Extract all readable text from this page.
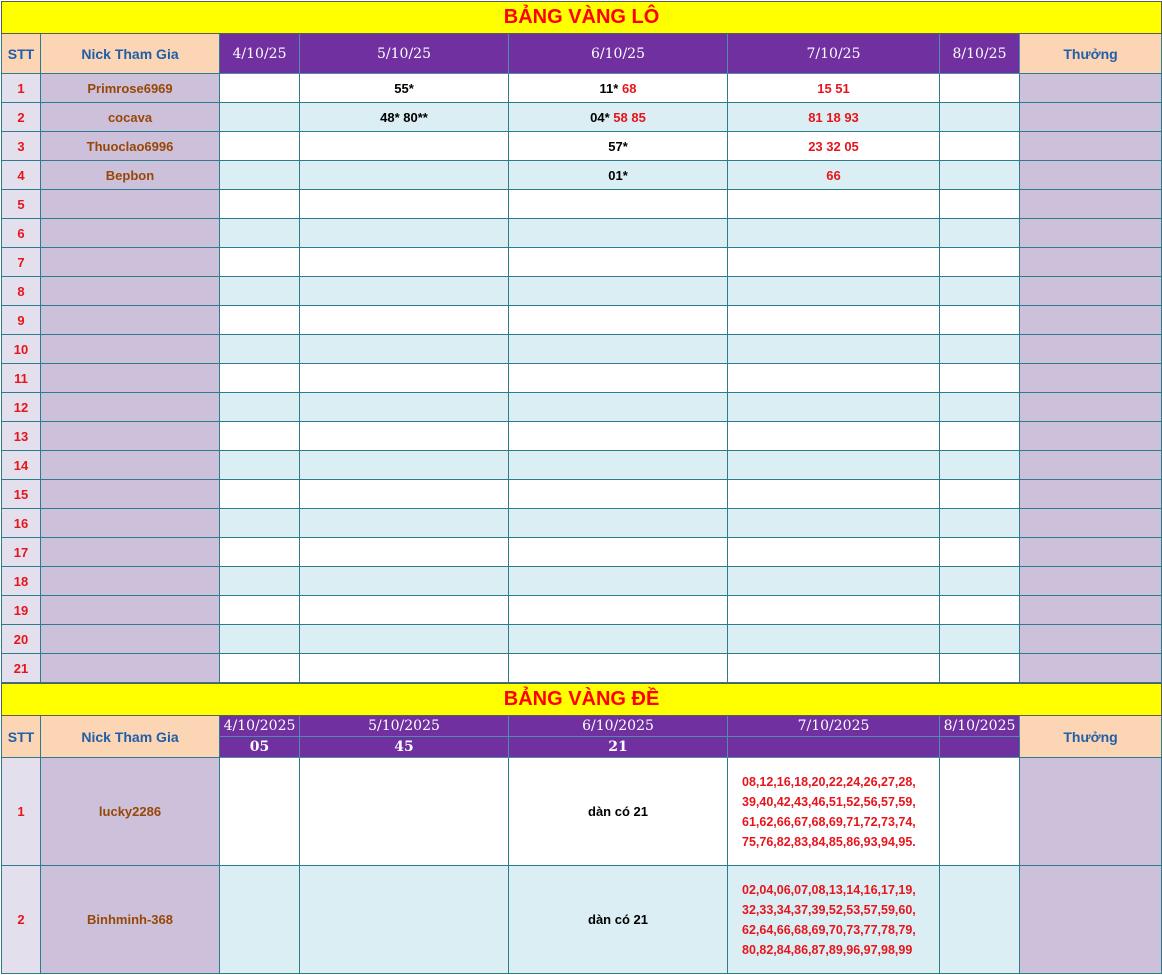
BẢNG VÀNG LÔ							
STT	Nick Tham Gia	4/10/25	5/10/25	6/10/25	7/10/25	8/10/25	Thưởng
1	Primrose6969		55*	11* 68	15 51		
2	cocava		48* 80**	04* 58 85	81 18 93		
3	Thuoclao6996			57*	23 32 05		
4	Bepbon			01*	66		
5							
6							
7							
8							
9							
10							
11							
12							
13							
14							
15							
16							
17							
18							
19							
20							
21							
BẢNG VÀNG ĐỀ							
STT	Nick Tham Gia	4/10/2025	5/10/2025	6/10/2025	7/10/2025	8/10/2025	Thưởng
		05	45	21			
1	lucky2286			dàn có 21	08,12,16,18,20,22,24,26,27,28,
39,40,42,43,46,51,52,56,57,59,
61,62,66,67,68,69,71,72,73,74,
75,76,82,83,84,85,86,93,94,95.		

2	Binhminh-368			dàn có 21	02,04,06,07,08,13,14,16,17,19,
32,33,34,37,39,52,53,57,59,60,
62,64,66,68,69,70,73,77,78,79,
80,82,84,86,87,89,96,97,98,99		
